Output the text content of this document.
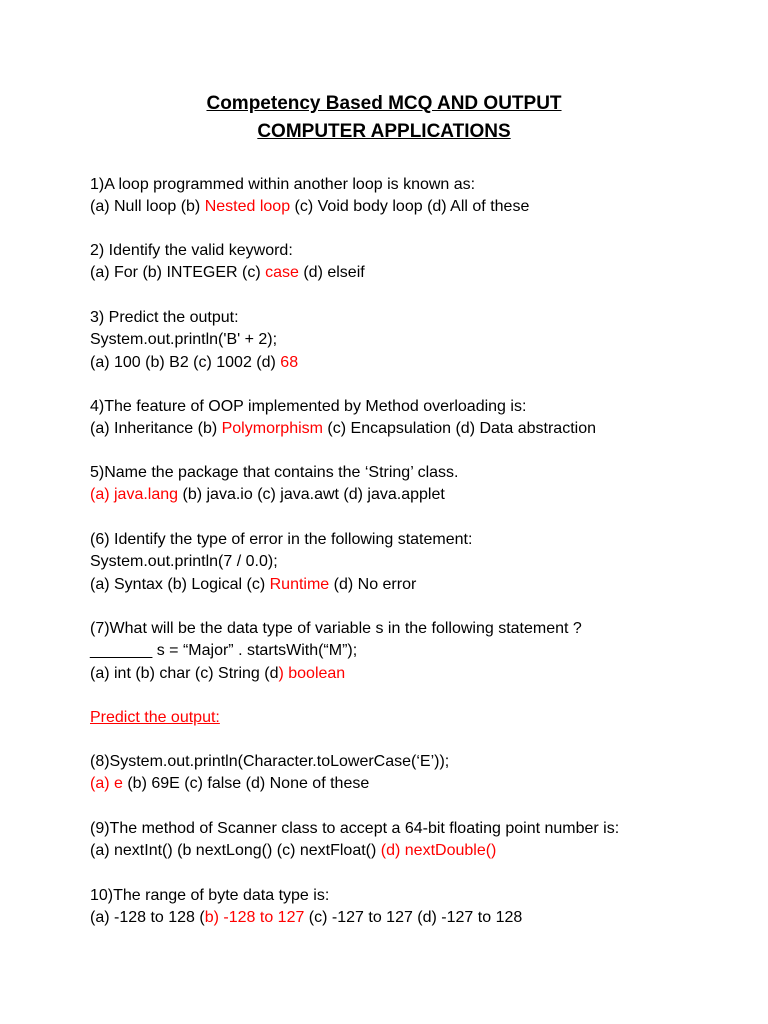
Competency Based MCQ AND OUTPUT
COMPUTER APPLICATIONS
1)A loop programmed within another loop is known as:
(a) Null loop (b) Nested loop (c) Void body loop (d) All of these
2) Identify the valid keyword:
(a) For (b) INTEGER (c) case (d) elseif
3) Predict the output:
System.out.println('B' + 2);
(a) 100 (b) B2 (c) 1002 (d) 68
4)The feature of OOP implemented by Method overloading is:
(a) Inheritance (b) Polymorphism (c) Encapsulation (d) Data abstraction
5)Name the package that contains the ‘String’ class.
(a) java.lang (b) java.io (c) java.awt (d) java.applet
(6) Identify the type of error in the following statement:
System.out.println(7 / 0.0);
(a) Syntax (b) Logical (c) Runtime (d) No error
(7)What will be the data type of variable s in the following statement ?
_______ s = “Major” . startsWith(“M”);
(a) int (b) char (c) String (d) boolean
Predict the output:
(8)System.out.println(Character.toLowerCase(‘E’));
(a) e (b) 69E (c) false (d) None of these
(9)The method of Scanner class to accept a 64-bit floating point number is:
(a) nextInt() (b nextLong() (c) nextFloat() (d) nextDouble()
10)The range of byte data type is:
(a) -128 to 128 (b) -128 to 127 (c) -127 to 127 (d) -127 to 128
